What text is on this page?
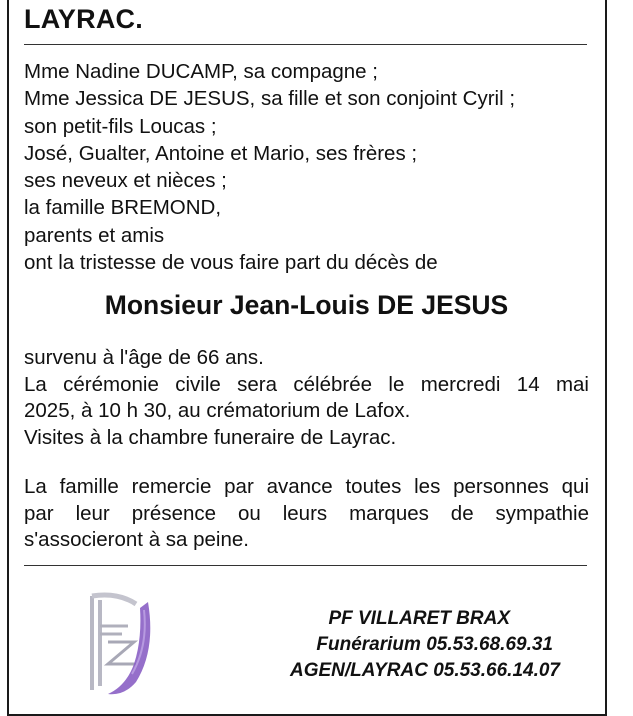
LAYRAC.
Mme Nadine DUCAMP, sa compagne ;
Mme Jessica DE JESUS, sa fille et son conjoint Cyril ;
son petit-fils Loucas ;
José, Gualter, Antoine et Mario, ses frères ;
ses neveux et nièces ;
la famille BREMOND,
parents et amis
ont la tristesse de vous faire part du décès de
Monsieur Jean-Louis DE JESUS
survenu à l'âge de 66 ans.
La cérémonie civile sera célébrée le mercredi 14 mai
2025, à 10 h 30, au crématorium de Lafox.
Visites à la chambre funeraire de Layrac.
La famille remercie par avance toutes les personnes qui
par leur présence ou leurs marques de sympathie
s'associeront à sa peine.
PF VILLARET BRAX
Funérarium 05.53.68.69.31
AGEN/LAYRAC 05.53.66.14.07
